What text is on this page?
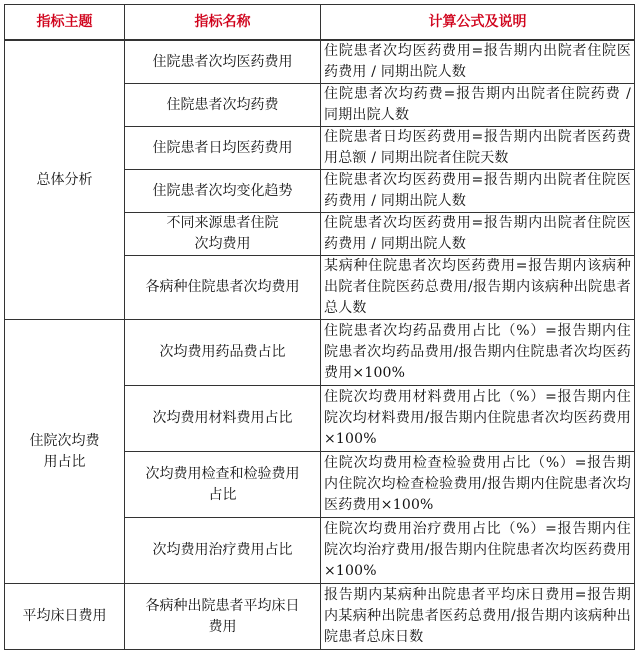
指标主题	指标名称	计算公式及说明
总体分析	住院患者次均医药费用	住院患者次均医药费用=报告期内出院者住院医药费用 / 同期出院人数
	住院患者次均药费	住院患者次均药费=报告期内出院者住院药费 / 同期出院人数
	住院患者日均医药费用	住院患者日均医药费用=报告期内出院者医药费用总额 / 同期出院者住院天数
	住院患者次均变化趋势	住院患者次均医药费用=报告期内出院者住院医药费用 / 同期出院人数
	不同来源患者住院次均费用	住院患者次均医药费用=报告期内出院者住院医药费用 / 同期出院人数
	各病种住院患者次均费用	某病种住院患者次均医药费用=报告期内该病种出院者住院医药总费用/报告期内该病种出院患者总人数
住院次均费用占比	次均费用药品费占比	住院患者次均药品费用占比（%）=报告期内住院患者次均药品费用/报告期内住院患者次均医药费用×100%
	次均费用材料费用占比	住院次均费用材料费用占比（%）=报告期内住院次均材料费用/报告期内住院患者次均医药费用×100%
	次均费用检查和检验费用占比	住院次均费用检查检验费用占比（%）=报告期内住院次均检查检验费用/报告期内住院患者次均医药费用×100%
	次均费用治疗费用占比	住院次均费用治疗费用占比（%）=报告期内住院次均治疗费用/报告期内住院患者次均医药费用×100%
平均床日费用	各病种出院患者平均床日费用	报告期内某病种出院患者平均床日费用=报告期内某病种出院患者医药总费用/报告期内该病种出院患者总床日数
